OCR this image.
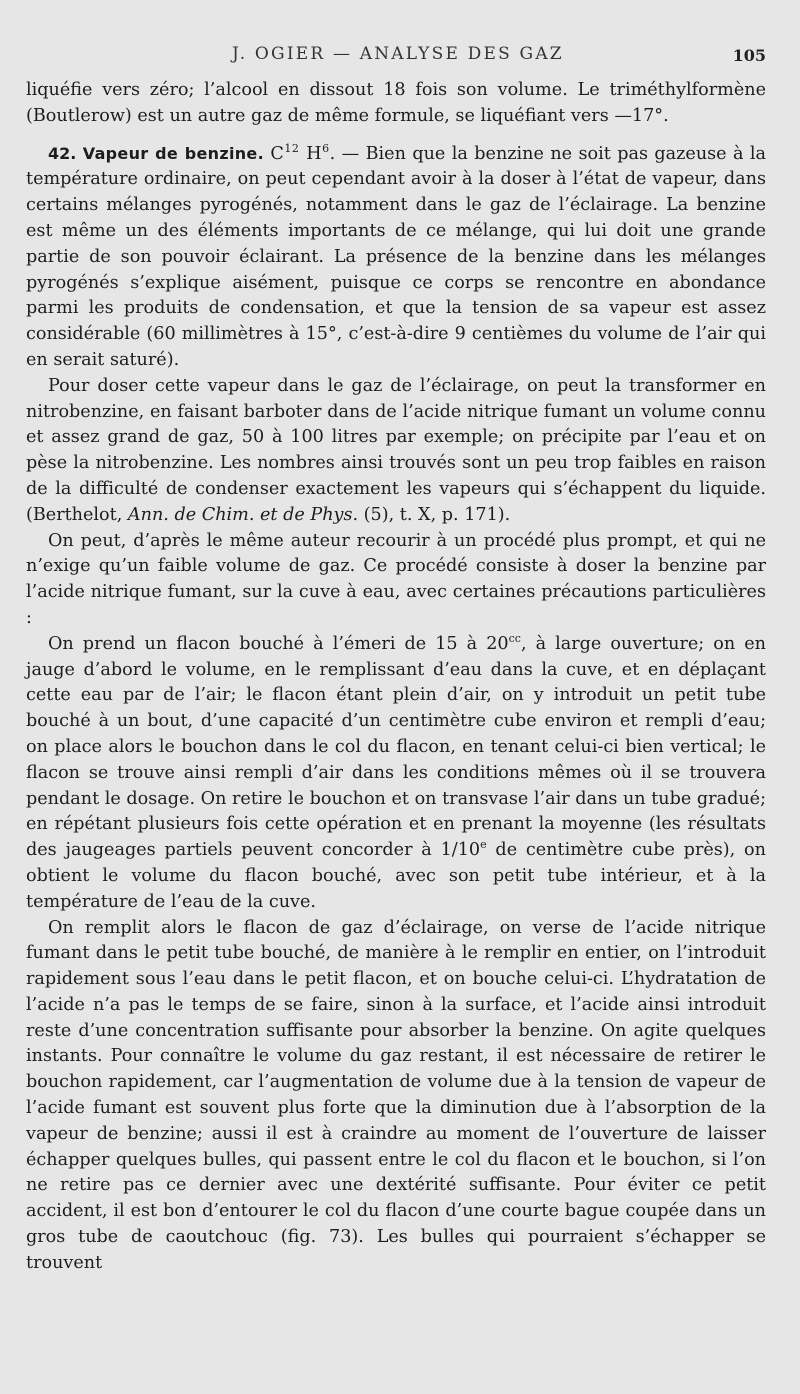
J. OGIER — ANALYSE DES GAZ	105

liquéfie vers zéro; l’alcool en dissout 18 fois son volume. Le triméthylformène (Boutlerow) est un autre gaz de même formule, se liquéfiant vers —17°.

42. Vapeur de benzine. $C^{12}$ $H^6$. — Bien que la benzine ne soit pas gazeuse à la température ordinaire, on peut cependant avoir à la doser à l’état de vapeur, dans certains mélanges pyrogénés, notamment dans le gaz de l’éclairage. La benzine est même un des éléments importants de ce mélange, qui lui doit une grande partie de son pouvoir éclairant. La présence de la benzine dans les mélanges pyrogénés s’explique aisément, puisque ce corps se rencontre en abondance parmi les produits de condensation, et que la tension de sa vapeur est assez considérable (60 millimètres à 15°, c’est-à-dire 9 centièmes du volume de l’air qui en serait saturé).

Pour doser cette vapeur dans le gaz de l’éclairage, on peut la transformer en nitrobenzine, en faisant barboter dans de l’acide nitrique fumant un volume connu et assez grand de gaz, 50 à 100 litres par exemple; on précipite par l’eau et on pèse la nitrobenzine. Les nombres ainsi trouvés sont un peu trop faibles en raison de la difficulté de condenser exactement les vapeurs qui s’échappent du liquide. (Berthelot, Ann. de Chim. et de Phys. (5), t. X, p. 171).

On peut, d’après le même auteur recourir à un procédé plus prompt, et qui ne n’exige qu’un faible volume de gaz. Ce procédé consiste à doser la benzine par l’acide nitrique fumant, sur la cuve à eau, avec certaines précautions particulières :

On prend un flacon bouché à l’émeri de 15 à $20^{cc}$, à large ouverture; on en jauge d’abord le volume, en le remplissant d’eau dans la cuve, et en déplaçant cette eau par de l’air; le flacon étant plein d’air, on y introduit un petit tube bouché à un bout, d’une capacité d’un centimètre cube environ et rempli d’eau; on place alors le bouchon dans le col du flacon, en tenant celui-ci bien vertical; le flacon se trouve ainsi rempli d’air dans les conditions mêmes où il se trouvera pendant le dosage. On retire le bouchon et on transvase l’air dans un tube gradué; en répétant plusieurs fois cette opération et en prenant la moyenne (les résultats des jaugeages partiels peuvent concorder à 1/10e de centimètre cube près), on obtient le volume du flacon bouché, avec son petit tube intérieur, et à la température de l’eau de la cuve.

On remplit alors le flacon de gaz d’éclairage, on verse de l’acide nitrique fumant dans le petit tube bouché, de manière à le remplir en entier, on l’introduit rapidement sous l’eau dans le petit flacon, et on bouche celui-ci. L’hydratation de l’acide n’a pas le temps de se faire, sinon à la surface, et l’acide ainsi introduit reste d’une concentration suffisante pour absorber la benzine. On agite quelques instants. Pour connaître le volume du gaz restant, il est nécessaire de retirer le bouchon rapidement, car l’augmentation de volume due à la tension de vapeur de l’acide fumant est souvent plus forte que la diminution due à l’absorption de la vapeur de benzine; aussi il est à craindre au moment de l’ouverture de laisser échapper quelques bulles, qui passent entre le col du flacon et le bouchon, si l’on ne retire pas ce dernier avec une dextérité suffisante. Pour éviter ce petit accident, il est bon d’entourer le col du flacon d’une courte bague coupée dans un gros tube de caoutchouc (fig. 73). Les bulles qui pourraient s’échapper se trouvent
